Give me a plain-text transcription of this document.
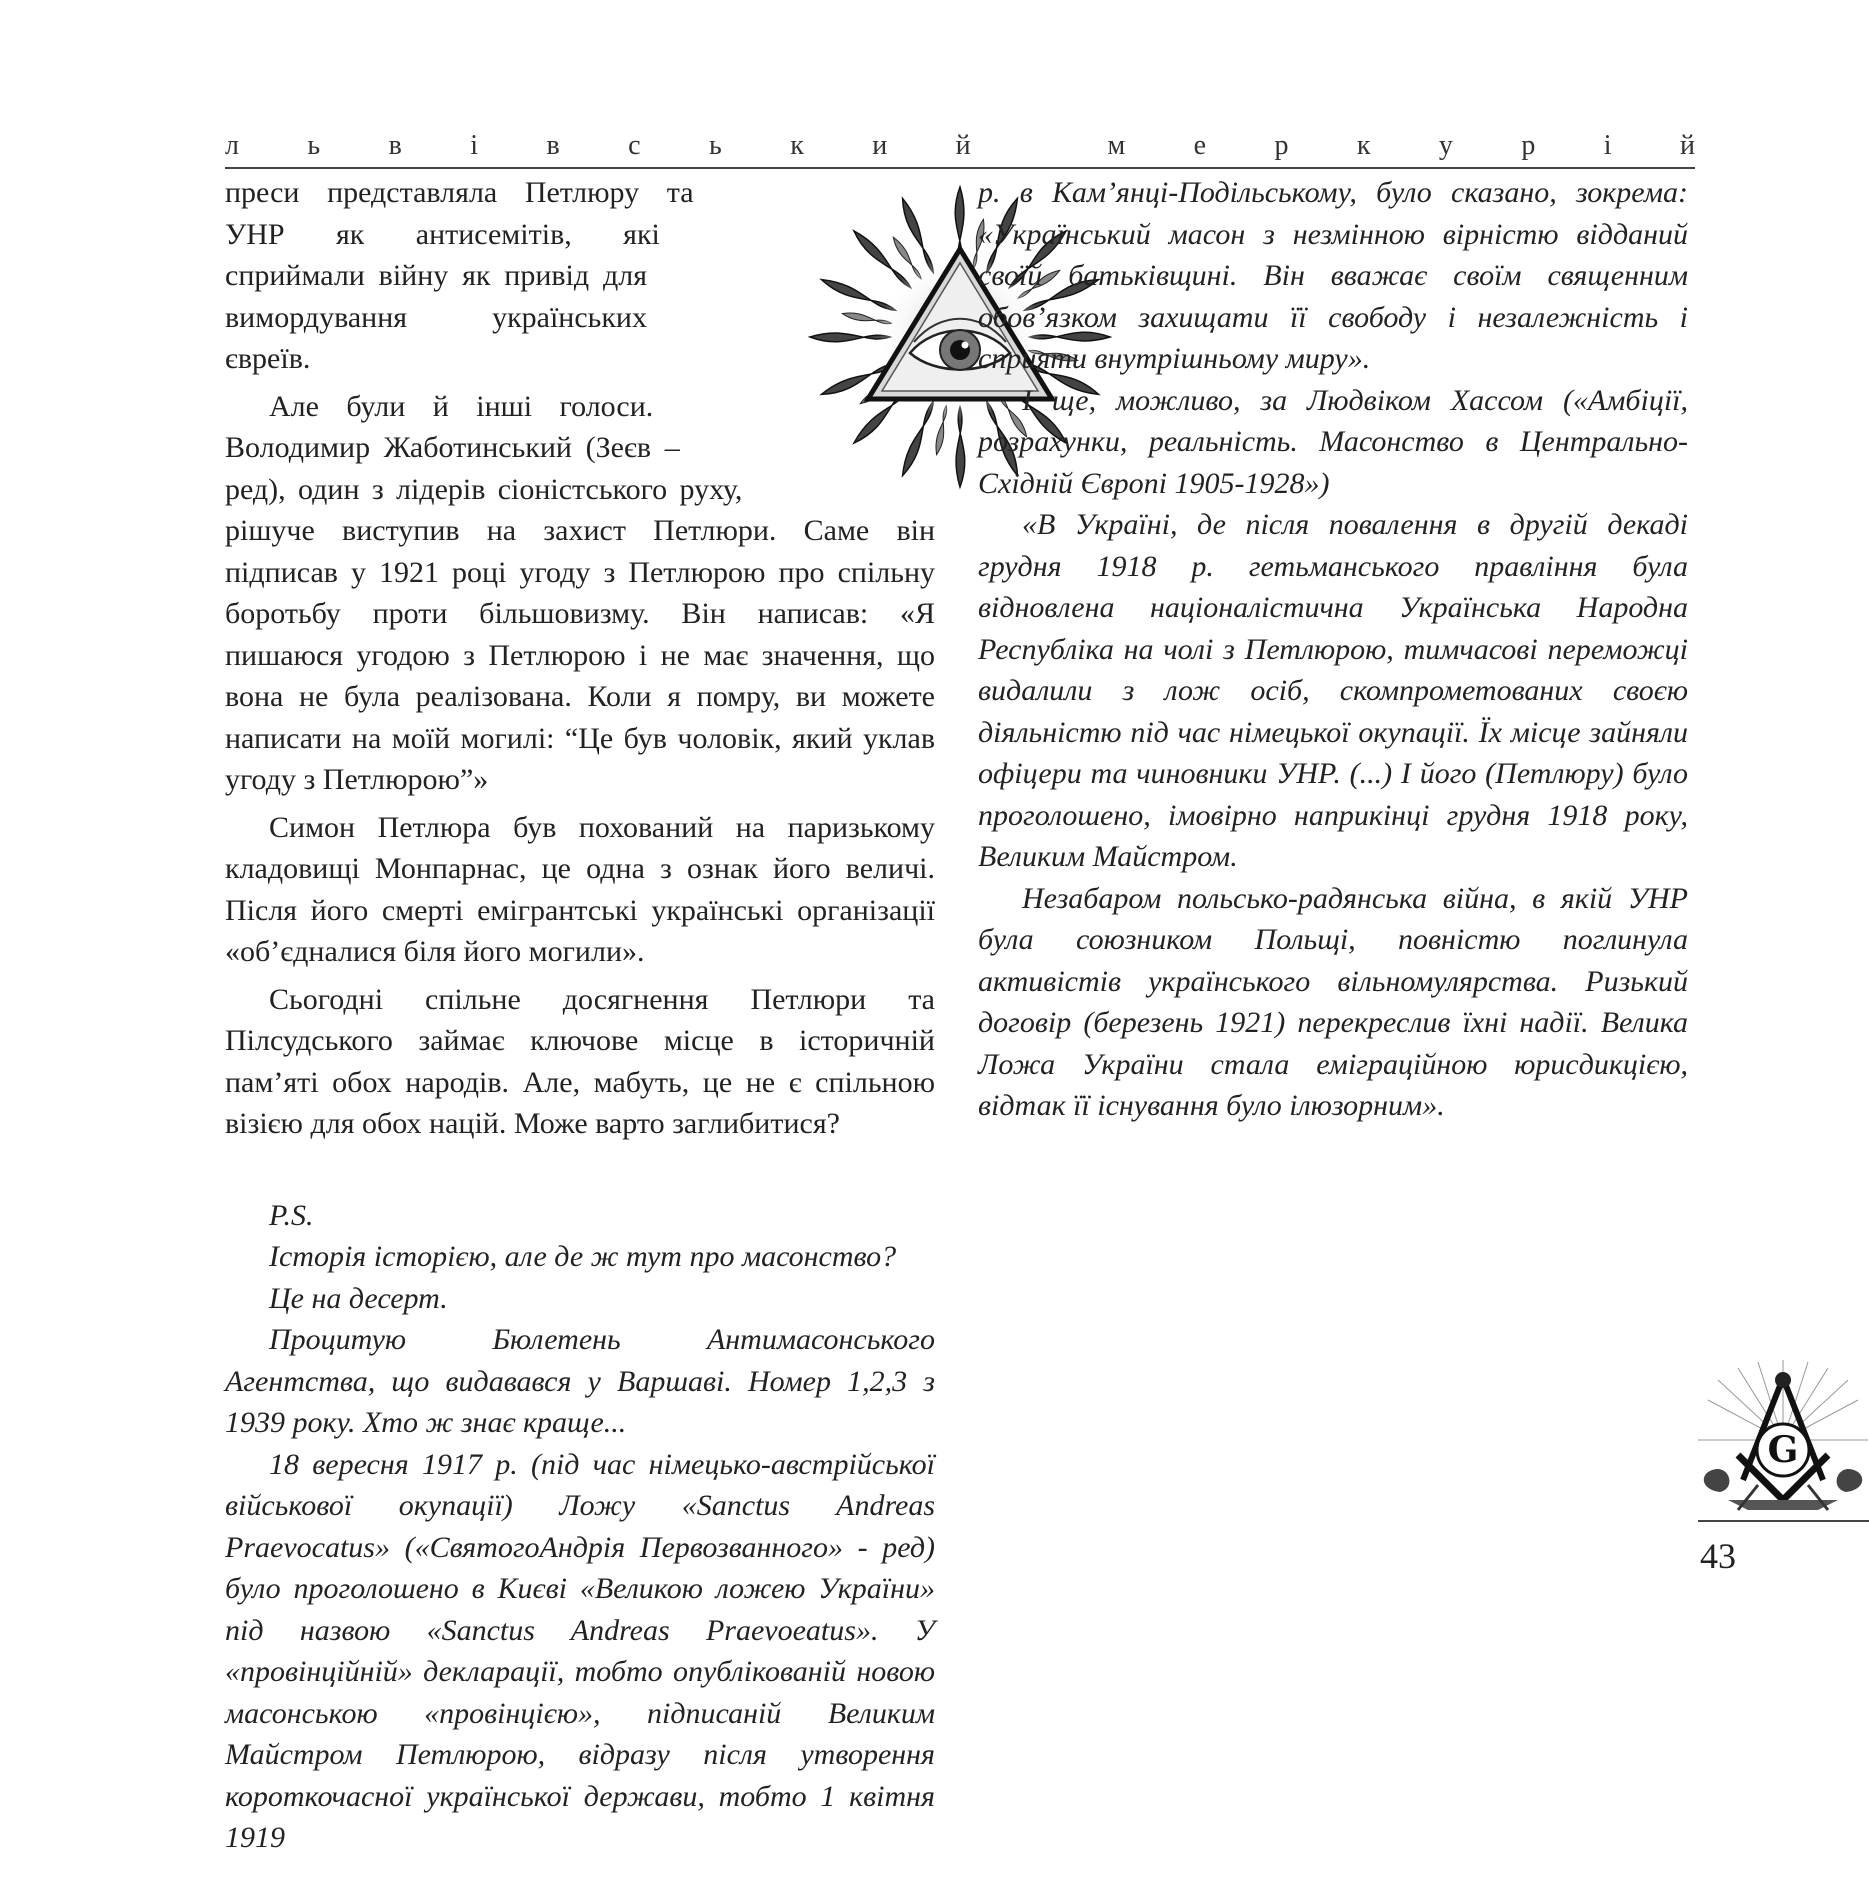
л ь в і в с ь к и й	м е р к у р і й

преси представляла Петлюру та УНР як антисемітів, які сприймали війну як привід для вимордування українських євреїв.

Але були й інші голоси. Володимир Жаботинський (Зеєв – ред), один з лідерів сіоністського руху, рішуче виступив на захист Петлюри. Саме він підписав у 1921 році угоду з Петлюрою про спільну боротьбу проти більшовизму. Він написав: «Я пишаюся угодою з Петлюрою і не має значення, що вона не була реалізована. Коли я помру, ви можете написати на моїй могилі: “Це був чоловік, який уклав угоду з Петлюрою”»

Симон Петлюра був похований на паризькому кладовищі Монпарнас, це одна з ознак його величі. Після його смерті емігрантські українські організації «об’єдналися біля його могили».

Сьогодні спільне досягнення Петлюри та Пілсудського займає ключове місце в історичній пам’яті обох народів. Але, мабуть, це не є спільною візією для обох націй. Може варто заглибитися?

P.S.

Історія історією, але де ж тут про масонство?

Це на десерт.

Процитую Бюлетень Антимасонського Агентства, що видавався у Варшаві. Номер 1,2,3 з 1939 року. Хто ж знає краще...

18 вересня 1917 р. (під час німецько-австрійської військової окупації) Ложу «Sanctus Andreas Praevocatus» («СвятогоАндрія Первозванного» - ред) було проголошено в Києві «Великою ложею України» під назвою «Sanctus Andreas Praevoeatus». У «провінційній» декларації, тобто опублікованій новою масонською «провінцією», підписаній Великим Майстром Петлюрою, відразу після утворення короткочасної української держави, тобто 1 квітня 1919

р. в Кам’янці-Подільському, було сказано, зокрема: «Український масон з незмінною вірністю відданий своїй батьківщині. Він вважає своїм священним обов’язком захищати її свободу і незалежність і сприяти внутрішньому миру».

І ще, можливо, за Людвіком Хассом («Амбіції, розрахунки, реальність. Масонство в Центрально-Східній Європі 1905-1928»)

«В Україні, де після повалення в другій декаді грудня 1918 р. гетьманського правління була відновлена націоналістична Українська Народна Республіка на чолі з Петлюрою, тимчасові переможці видалили з лож осіб, скомпрометованих своєю діяльністю під час німецької окупації. Їх місце зайняли офіцери та чиновники УНР. (...) І його (Петлюру) було проголошено, імовірно наприкінці грудня 1918 року, Великим Майстром.

Незабаром польсько-радянська війна, в якій УНР була союзником Польщі, повністю поглинула активістів українського вільномулярства. Ризький договір (березень 1921) перекреслив їхні надії. Велика Ложа України стала еміграційною юрисдикцією, відтак її існування було ілюзорним».

G
43
